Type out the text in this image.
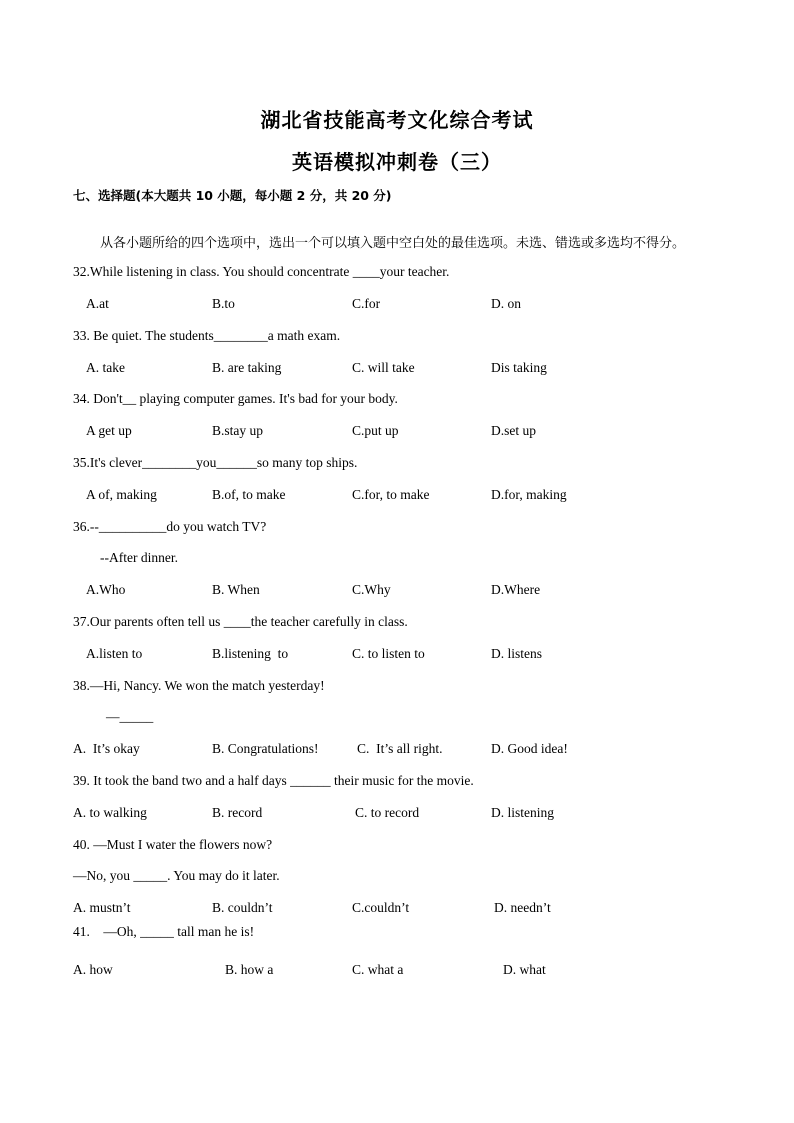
湖北省技能高考文化综合考试
英语模拟冲刺卷（三）
七、选择题(本大题共 10 小题，每小题 2 分，共 20 分)
从各小题所给的四个选项中，选出一个可以填入题中空白处的最佳选项。未选、错选或多选均不得分。
32.While listening in class. You should concentrate ____your teacher.
A.at	B.to	C.for	D. on
33. Be quiet. The students________a math exam.
A. take	B. are taking	C. will take	Dis taking
34. Don't__ playing computer games. It's bad for your body.
A get up	B.stay up	C.put up	D.set up
35.It's clever________you______so many top ships.
A of, making	B.of, to make	C.for, to make	D.for, making
36.--__________do you watch TV?
--After dinner.
A.Who	B. When	C.Why	D.Where
37.Our parents often tell us ____the teacher carefully in class.
A.listen to	B.listening  to	C. to listen to	D. listens
38.—Hi, Nancy. We won the match yesterday!
—_____
A.  It’s okay	B. Congratulations!	C.  It’s all right.	D. Good idea!
39. It took the band two and a half days ______ their music for the movie.
A. to walking	B. record	C. to record	D. listening
40. —Must I water the flowers now?
—No, you _____. You may do it later.
A. mustn’t	B. couldn’t	C.couldn’t	D. needn’t
41.    —Oh, _____ tall man he is!
A. how	B. how a	C. what a	D. what
